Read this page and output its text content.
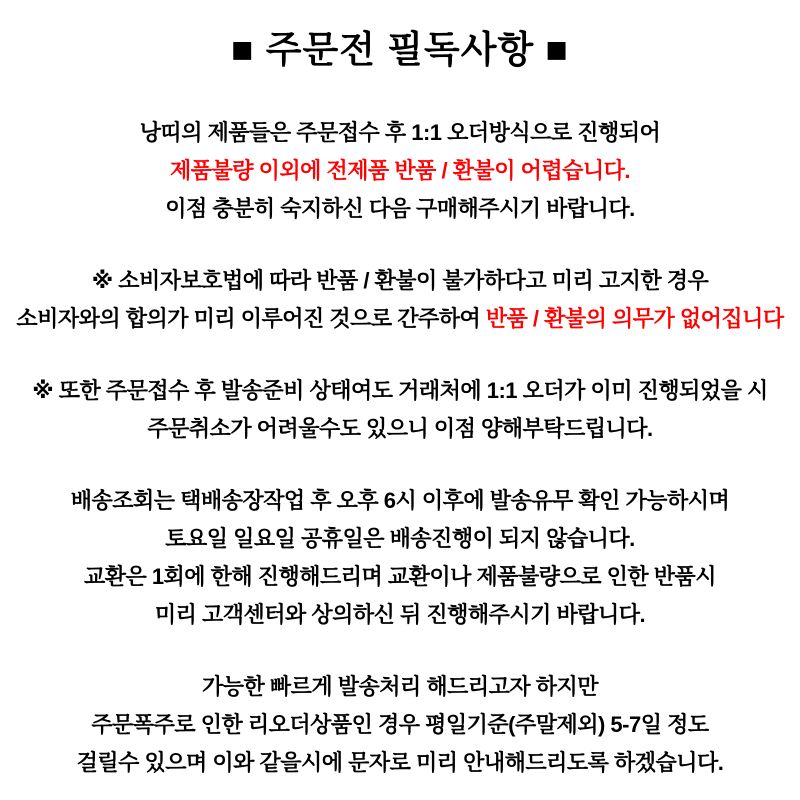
■ 주문전 필독사항 ■

낭띠의 제품들은 주문접수 후 1:1 오더방식으로 진행되어

제품불량 이외에 전제품 반품 / 환불이 어렵습니다.

이점 충분히 숙지하신 다음 구매해주시기 바랍니다.

※ 소비자보호법에 따라 반품 / 환불이 불가하다고 미리 고지한 경우

소비자와의 합의가 미리 이루어진 것으로 간주하여 반품 / 환불의 의무가 없어집니다

※ 또한 주문접수 후 발송준비 상태여도 거래처에 1:1 오더가 이미 진행되었을 시

주문취소가 어려울수도 있으니 이점 양해부탁드립니다.

배송조회는 택배송장작업 후 오후 6시 이후에 발송유무 확인 가능하시며

토요일 일요일 공휴일은 배송진행이 되지 않습니다.

교환은 1회에 한해 진행해드리며 교환이나 제품불량으로 인한 반품시

미리 고객센터와 상의하신 뒤 진행해주시기 바랍니다.

가능한 빠르게 발송처리 해드리고자 하지만

주문폭주로 인한 리오더상품인 경우 평일기준(주말제외) 5-7일 정도

걸릴수 있으며 이와 같을시에 문자로 미리 안내해드리도록 하겠습니다.
